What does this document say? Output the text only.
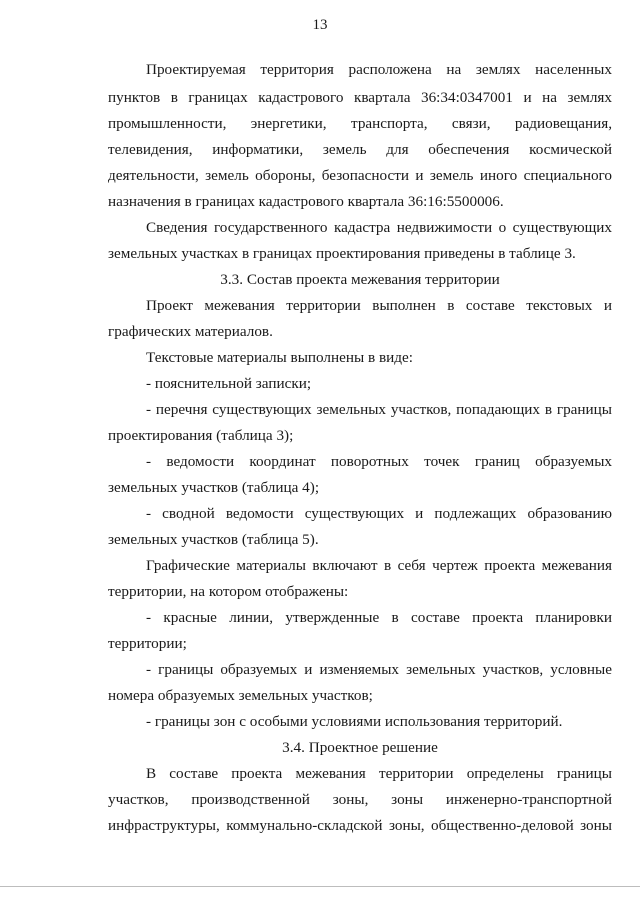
13

Проектируемая территория расположена на землях населенных

пунктов в границах кадастрового квартала 36:34:0347001 и на землях

промышленности, энергетики, транспорта, связи, радиовещания,

телевидения, информатики, земель для обеспечения космической

деятельности, земель обороны, безопасности и земель иного специального

назначения в границах кадастрового квартала 36:16:5500006.

Сведения государственного кадастра недвижимости о существующих

земельных участках в границах проектирования приведены в таблице 3.

3.3. Состав проекта межевания территории

Проект межевания территории выполнен в составе текстовых и

графических материалов.

Текстовые материалы выполнены в виде:

- пояснительной записки;

- перечня существующих земельных участков, попадающих в границы

проектирования (таблица 3);

- ведомости координат поворотных точек границ образуемых

земельных участков (таблица 4);

- сводной ведомости существующих и подлежащих образованию

земельных участков (таблица 5).

Графические материалы включают в себя чертеж проекта межевания

территории, на котором отображены:

- красные линии, утвержденные в составе проекта планировки

территории;

- границы образуемых и изменяемых земельных участков, условные

номера образуемых земельных участков;

- границы зон с особыми условиями использования территорий.

3.4. Проектное решение

В составе проекта межевания территории определены границы

участков, производственной зоны, зоны инженерно-транспортной

инфраструктуры, коммунально-складской зоны, общественно-деловой зоны
